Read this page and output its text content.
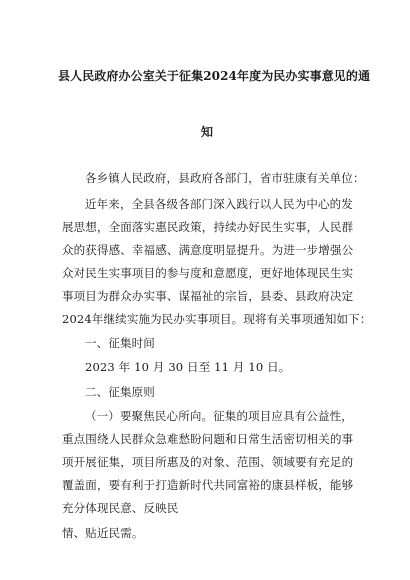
县人民政府办公室关于征集2024年度为民办实事意见的通
知
各乡镇人民政府，县政府各部门，省市驻康有关单位：
近年来，全县各级各部门深入践行以人民为中心的发
展思想，全面落实惠民政策，持续办好民生实事，人民群
众的获得感、幸福感、满意度明显提升。为进一步增强公
众对民生实事项目的参与度和意愿度，更好地体现民生实
事项目为群众办实事、谋福祉的宗旨，县委、县政府决定
2024年继续实施为民办实事项目。现将有关事项通知如下：
一、征集时间
2023 年 10 月 30 日至 11 月 10 日。
二、征集原则
（一）要聚焦民心所向。征集的项目应具有公益性，
重点围绕人民群众急难愁盼问题和日常生活密切相关的事
项开展征集，项目所惠及的对象、范围、领域要有充足的
覆盖面，要有利于打造新时代共同富裕的康县样板，能够
充分体现民意、反映民
情、贴近民需。
